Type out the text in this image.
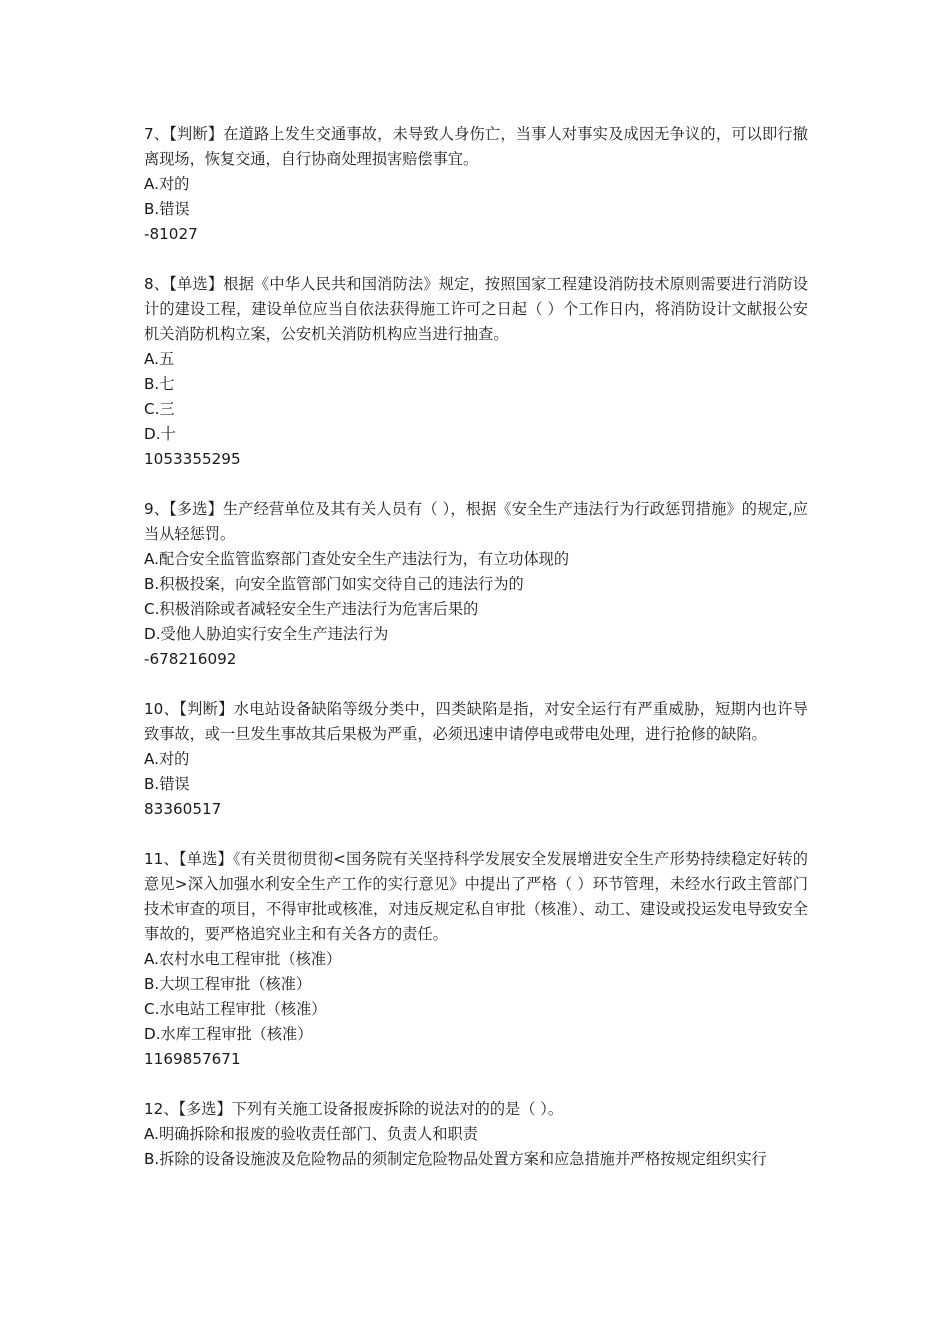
7、【判断】在道路上发生交通事故，未导致人身伤亡，当事人对事实及成因无争议的，可以即行撤离现场，恢复交通，自行协商处理损害赔偿事宜。

A.对的

B.错误

-81027

8、【单选】根据《中华人民共和国消防法》规定，按照国家工程建设消防技术原则需要进行消防设计的建设工程，建设单位应当自依法获得施工许可之日起（ ）个工作日内，将消防设计文献报公安机关消防机构立案，公安机关消防机构应当进行抽查。

A.五

B.七

C.三

D.十

1053355295

9、【多选】生产经营单位及其有关人员有（ ），根据《安全生产违法行为行政惩罚措施》的规定,应当从轻惩罚。

A.配合安全监管监察部门查处安全生产违法行为，有立功体现的

B.积极投案，向安全监管部门如实交待自己的违法行为的

C.积极消除或者减轻安全生产违法行为危害后果的

D.受他人胁迫实行安全生产违法行为

-678216092

10、【判断】水电站设备缺陷等级分类中，四类缺陷是指，对安全运行有严重威胁，短期内也许导致事故，或一旦发生事故其后果极为严重，必须迅速申请停电或带电处理，进行抢修的缺陷。

A.对的

B.错误

83360517

11、【单选】《有关贯彻贯彻<国务院有关坚持科学发展安全发展增进安全生产形势持续稳定好转的意见>深入加强水利安全生产工作的实行意见》中提出了严格（ ）环节管理，未经水行政主管部门技术审查的项目，不得审批或核准，对违反规定私自审批（核准）、动工、建设或投运发电导致安全事故的，要严格追究业主和有关各方的责任。

A.农村水电工程审批（核准）

B.大坝工程审批（核准）

C.水电站工程审批（核准）

D.水库工程审批（核准）

1169857671

12、【多选】下列有关施工设备报废拆除的说法对的的是（ ）。

A.明确拆除和报废的验收责任部门、负责人和职责

B.拆除的设备设施波及危险物品的须制定危险物品处置方案和应急措施并严格按规定组织实行
